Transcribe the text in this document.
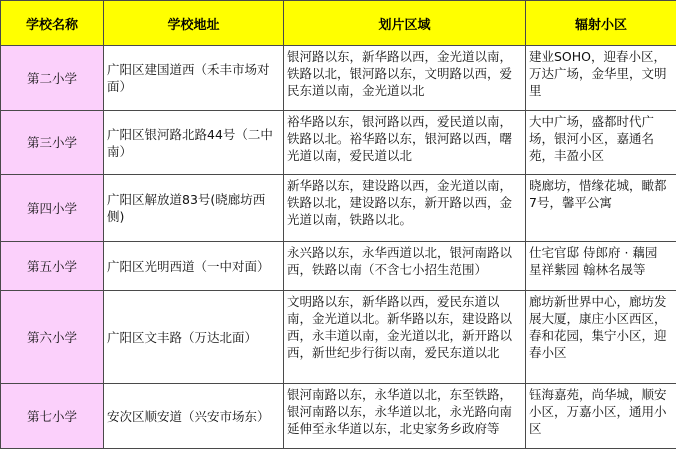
学校名称	学校地址	划片区域	辐射小区
第二小学	广阳区建国道西（禾丰市场对面）	银河路以东，新华路以西，金光道以南，铁路以北，银河路以东，文明路以西，爱民东道以南，金光道以北	建业SOHO，迎春小区，万达广场，金华里，文明里
第三小学	广阳区银河路北路44号（二中南）	裕华路以东，银河路以西，爱民道以南，铁路以北。裕华路以东，银河路以西，曙光道以南，爱民道以北	大中广场，盛都时代广场，银河小区，嘉通名苑，丰盈小区
第四小学	广阳区解放道83号(晓廊坊西侧)	新华路以东，建设路以西，金光道以南，铁路以北，建设路以东，新开路以西，金光道以南，铁路以北。	晓廊坊，惜缘花城，瞰都7号，馨平公寓
第五小学	广阳区光明西道（一中对面）	永兴路以东，永华西道以北，银河南路以西，铁路以南（不含七小招生范围）	仕宅官邸 侍郎府 · 藕园 星祥紫园 翰林名晟等
第六小学	广阳区文丰路（万达北面）	文明路以东，新华路以西，爱民东道以南，金光道以北。新华路以东，建设路以西，永丰道以南，金光道以北，新开路以西，新世纪步行街以南，爱民东道以北	廊坊新世界中心，廊坊发展大厦，康庄小区西区，春和花园，集宁小区，迎春小区
第七小学	安次区顺安道（兴安市场东）	银河南路以东，永华道以北，东至铁路，银河南路以东，永华道以北，永光路向南延伸至永华道以东，北史家务乡政府等	钰海嘉苑，尚华城，顺安小区，万嘉小区，通用小区
